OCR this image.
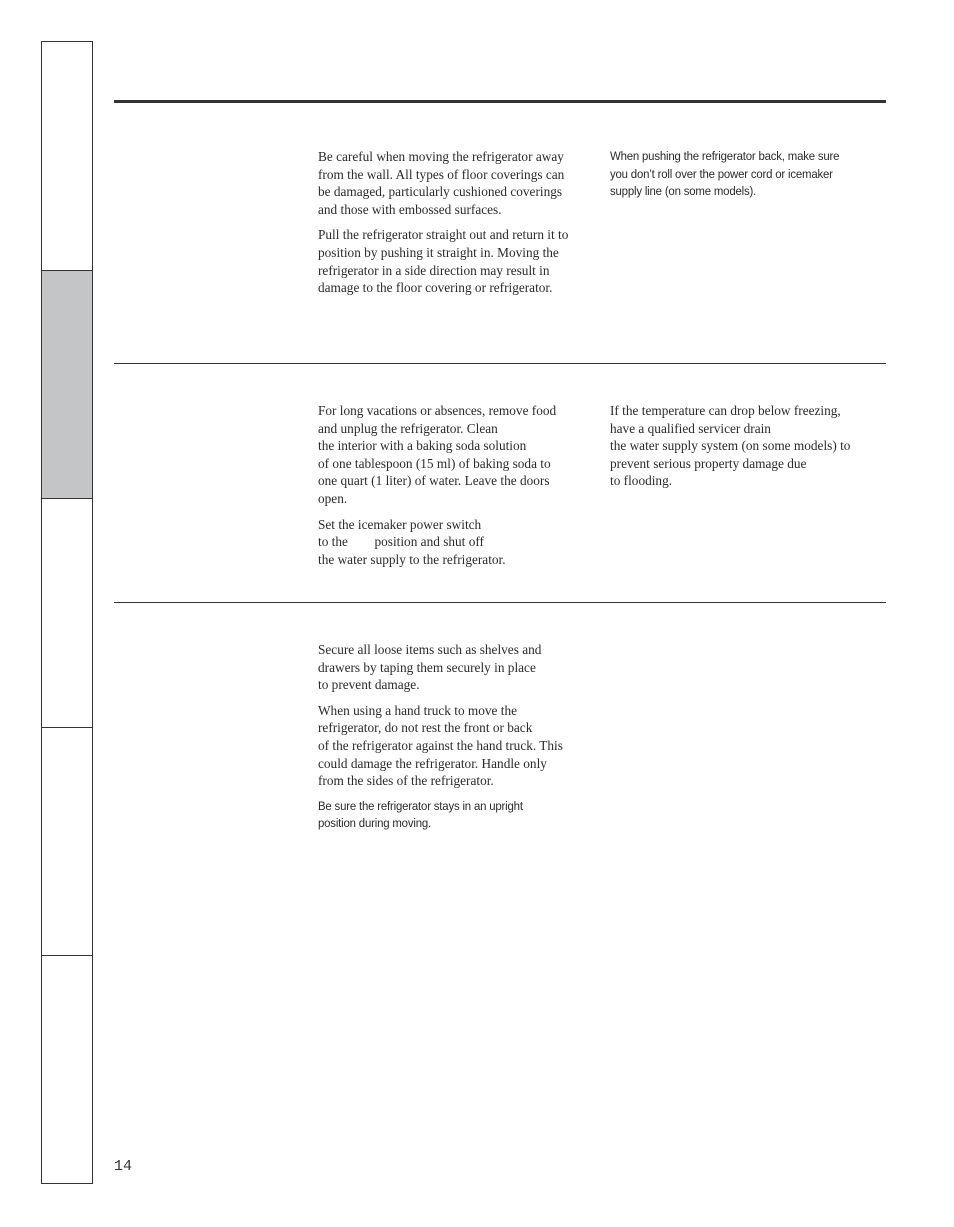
Be careful when moving the refrigerator away
from the wall. All types of floor coverings can
be damaged, particularly cushioned coverings
and those with embossed surfaces.

Pull the refrigerator straight out and return it to
position by pushing it straight in. Moving the
refrigerator in a side direction may result in
damage to the floor covering or refrigerator.

When pushing the refrigerator back, make sure
you don’t roll over the power cord or icemaker
supply line (on some models).

For long vacations or absences, remove food
and unplug the refrigerator. Clean
the interior with a baking soda solution
of one tablespoon (15 ml) of baking soda to
one quart (1 liter) of water. Leave the doors
open.

Set the icemaker power switch
to the        position and shut off
the water supply to the refrigerator.

If the temperature can drop below freezing,
have a qualified servicer drain
the water supply system (on some models) to
prevent serious property damage due
to flooding.

Secure all loose items such as shelves and
drawers by taping them securely in place
to prevent damage.

When using a hand truck to move the
refrigerator, do not rest the front or back
of the refrigerator against the hand truck. This
could damage the refrigerator. Handle only
from the sides of the refrigerator.

Be sure the refrigerator stays in an upright
position during moving.

14
